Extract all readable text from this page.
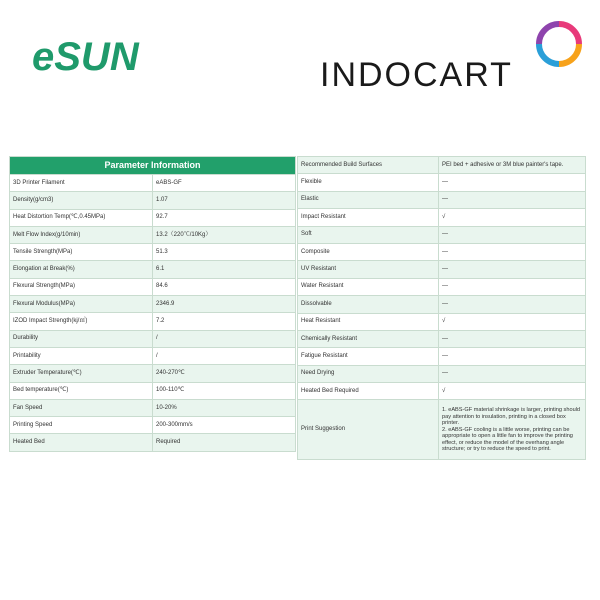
eSUN	INDOCART
Parameter Information	
3D Printer Filament	eABS-GF
Density(g/cm3)	1.07
Heat Distortion Temp(℃,0.45MPa)	92.7
Melt Flow Index(g/10min)	13.2（220℃/10Kg）
Tensile Strength(MPa)	51.3
Elongation at Break(%)	6.1
Flexural Strength(MPa)	84.6
Flexural Modulus(MPa)	2346.9
IZOD Impact Strength(kj/㎡)	7.2
Durability	/
Printability	/
Extruder Temperature(℃)	240-270℃
Bed temperature(℃)	100-110℃
Fan Speed	10-20%
Printing Speed	200-300mm/s
Heated Bed	Required
Recommended Build Surfaces	PEI bed + adhesive or 3M blue painter's tape.
Flexible	—
Elastic	—
Impact Resistant	√
Soft	—
Composite	—
UV Resistant	—
Water Resistant	—
Dissolvable	—
Heat Resistant	√
Chemically Resistant	—
Fatigue Resistant	—
Need Drying	—
Heated Bed Required	√
Print Suggestion	1. eABS-GF material shrinkage is larger, printing should pay attention to insulation, printing in a closed box printer.
2. eABS-GF cooling is a little worse, printing can be appropriate to open a little fan to improve the printing effect, or reduce the model of the overhang angle structure; or try to reduce the speed to print.
